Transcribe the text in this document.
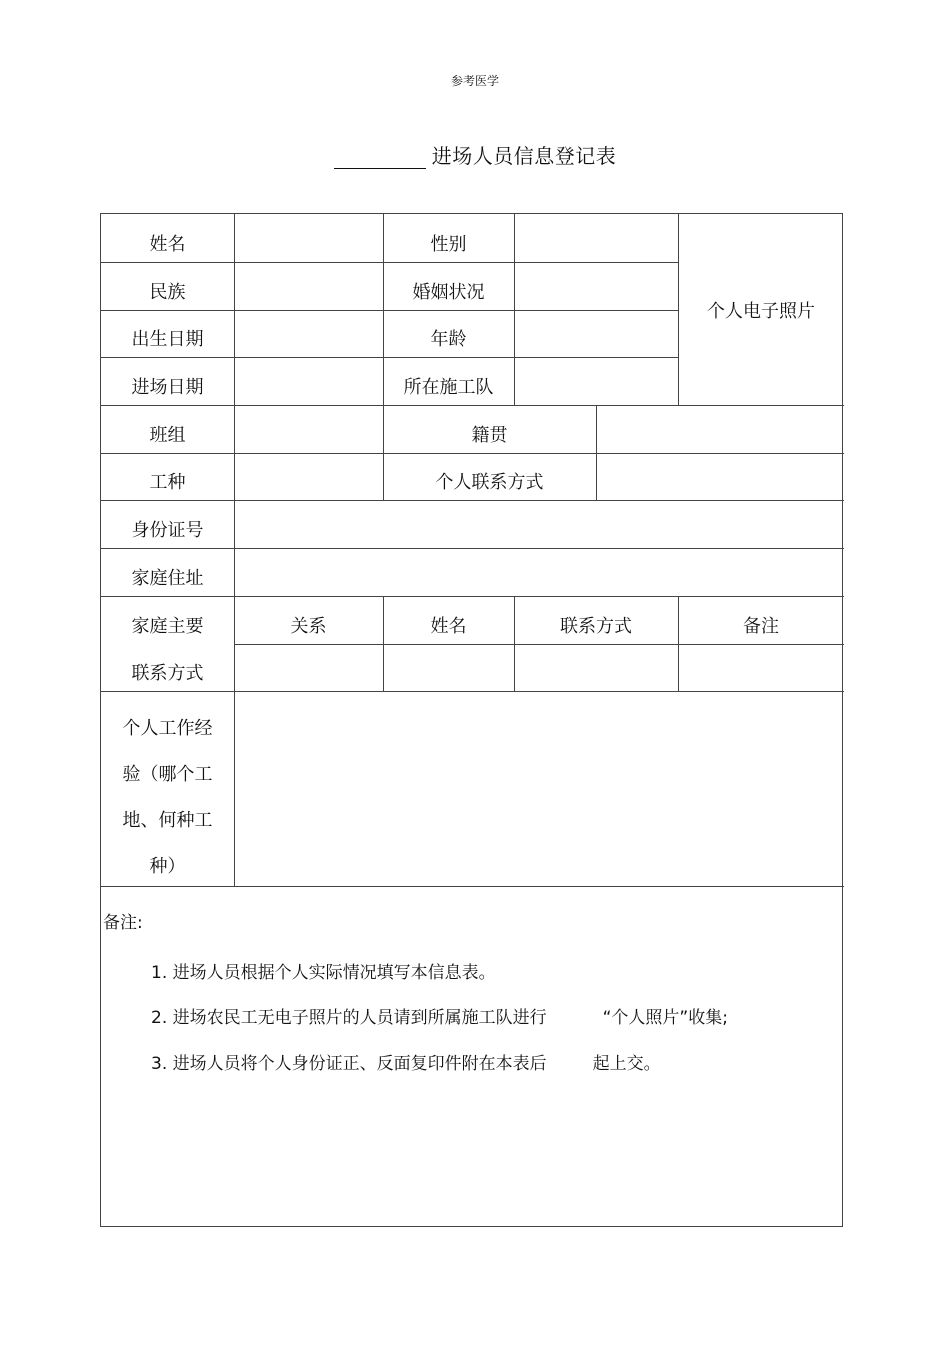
参考医学
进场人员信息登记表
姓名	性别
民族	婚姻状况
出生日期	年龄
进场日期	所在施工队
个人电子照片
班组	籍贯
工种	个人联系方式
身份证号
家庭住址
家庭主要
联系方式
关系	姓名	联系方式	备注
个人工作经
验（哪个工
地、何种工
种）
备注:
1. 进场人员根据个人实际情况填写本信息表。
2. 进场农民工无电子照片的人员请到所属施工队进行	“个人照片”收集;
3. 进场人员将个人身份证正、反面复印件附在本表后	起上交。
